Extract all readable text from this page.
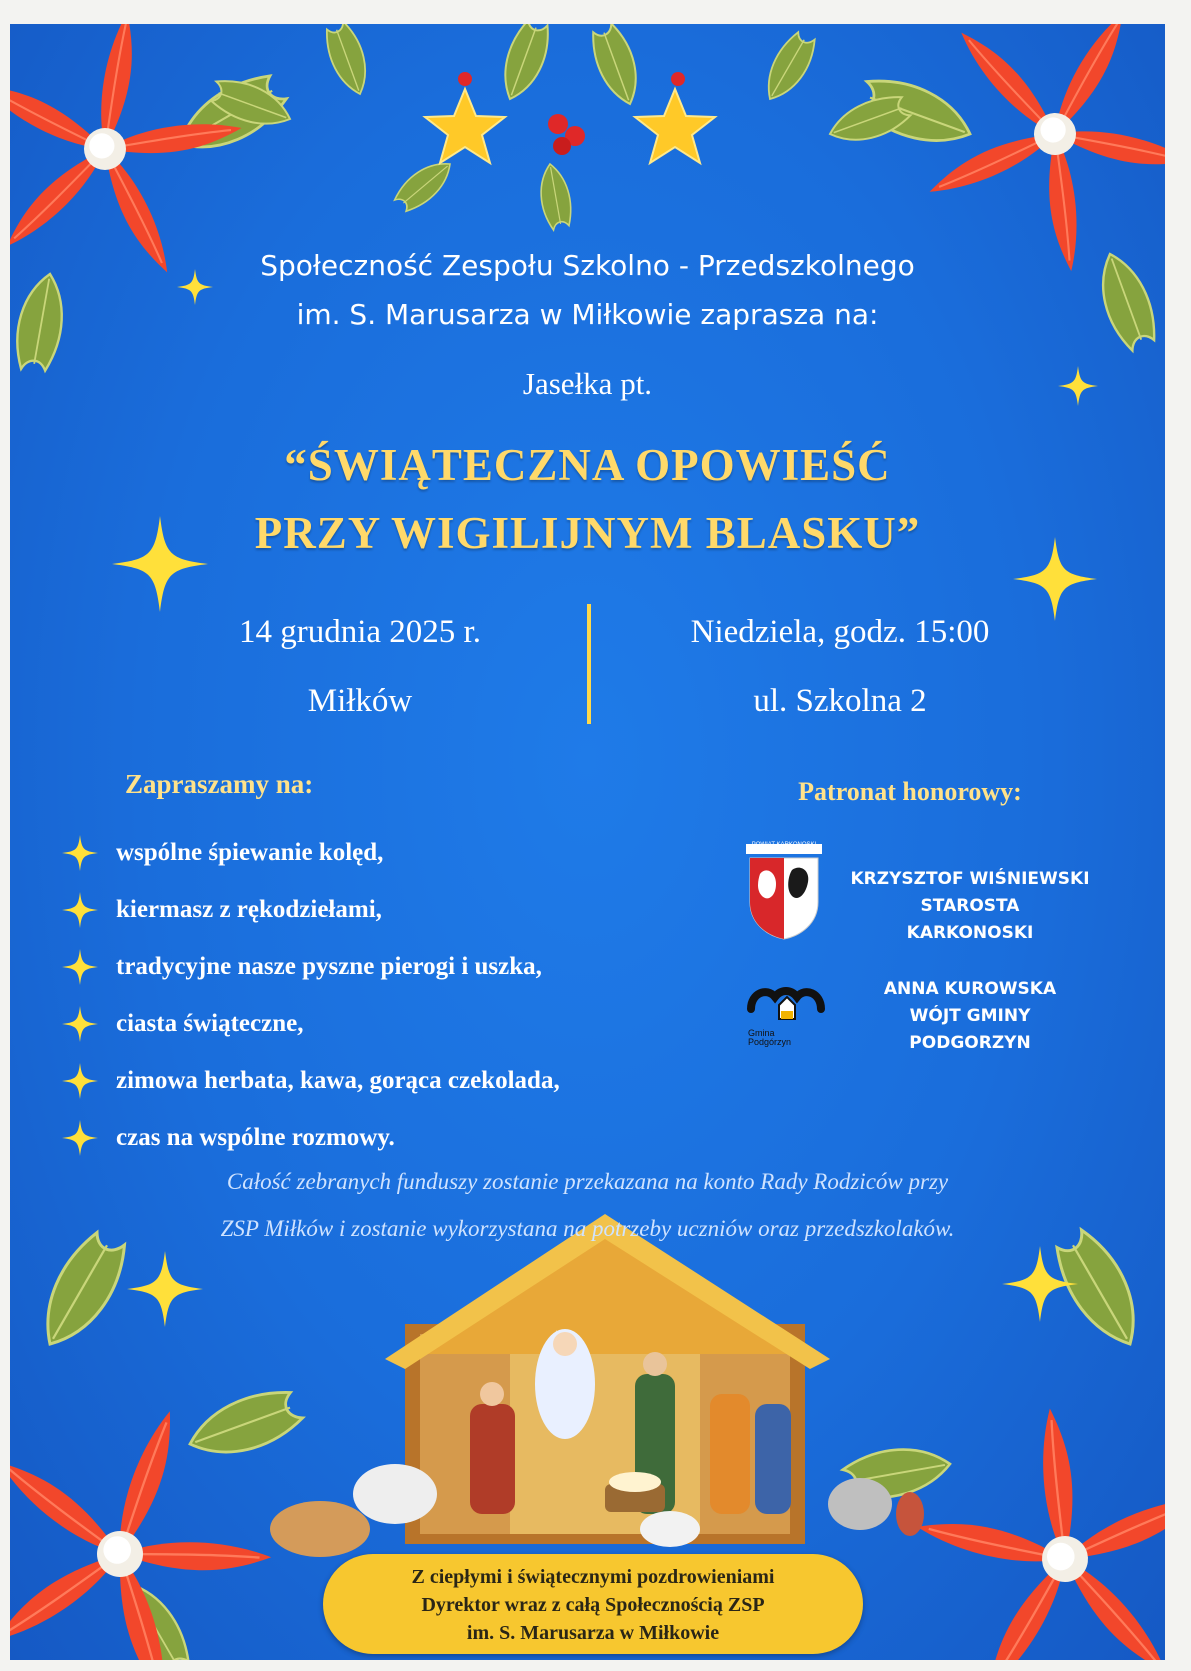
Społeczność Zespołu Szkolno - Przedszkolnego
im. S. Marusarza w Miłkowie zaprasza na:
Jasełka pt.
“ŚWIĄTECZNA OPOWIEŚĆ
PRZY WIGILIJNYM BLASKU”
14 grudnia 2025 r.
Miłków
Niedziela, godz. 15:00
ul. Szkolna 2
Zapraszamy na:
wspólne śpiewanie kolęd,
kiermasz z rękodziełami,
tradycyjne nasze pyszne pierogi i uszka,
ciasta świąteczne,
zimowa herbata, kawa, gorąca czekolada,
czas na wspólne rozmowy.
Patronat honorowy:
POWIAT KARKONOSKI
KRZYSZTOF WIŚNIEWSKI
STAROSTA
KARKONOSKI
Gmina
Podgórzyn
ANNA KUROWSKA
WÓJT GMINY
PODGORZYN
Całość zebranych funduszy zostanie przekazana na konto Rady Rodziców przy
ZSP Miłków i zostanie wykorzystana na potrzeby uczniów oraz przedszkolaków.
Z ciepłymi i świątecznymi pozdrowieniami
Dyrektor wraz z całą Społecznością ZSP
im. S. Marusarza w Miłkowie
